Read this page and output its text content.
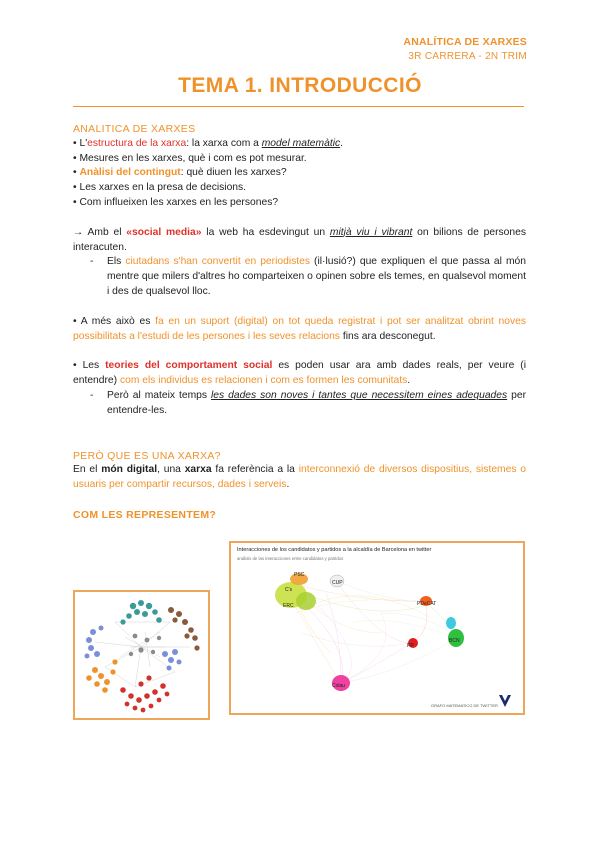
ANALÍTICA DE XARXES
3R CARRERA - 2N TRIM
TEMA 1. INTRODUCCIÓ
ANALITICA DE XARXES
• L'estructura de la xarxa: la xarxa com a model matemàtic.
• Mesures en les xarxes, què i com es pot mesurar.
• Anàlisi del contingut: què diuen les xarxes?
• Les xarxes en la presa de decisions.
• Com influeixen les xarxes en les persones?
→ Amb el «social media» la web ha esdevingut un mitjà viu i vibrant on bilions de persones interacuten.
- Els ciutadans s'han convertit en periodistes (il·lusió?) que expliquen el que passa al món mentre que milers d'altres ho comparteixen o opinen sobre els temes, en qualsevol moment i des de qualsevol lloc.
• A més això es fa en un suport (digital) on tot queda registrat i pot ser analitzat obrint noves possibilitats a l'estudi de les persones i les seves relacions fins ara desconegut.
• Les teories del comportament social es poden usar ara amb dades reals, per veure (i entendre) com els individus es relacionen i com es formen les comunitats.
- Però al mateix temps les dades son noves i tantes que necessitem eines adequades per entendre-les.
PERÒ QUE ES UNA XARXA?
En el món digital, una xarxa fa referència a la interconnexió de diversos dispositius, sistemes o usuaris per compartir recursos, dades i serveis.
COM LES REPRESENTEM?
Interacciones de los candidatos y partidos a la alcaldía de Barcelona en twitter
análisis de las interacciones entre candidatos y partidos
PSC
C's
CUP
ERC
PP
PDeCAT
BCN
Colau
GRAFO MATEMATICO DE TWITTER
